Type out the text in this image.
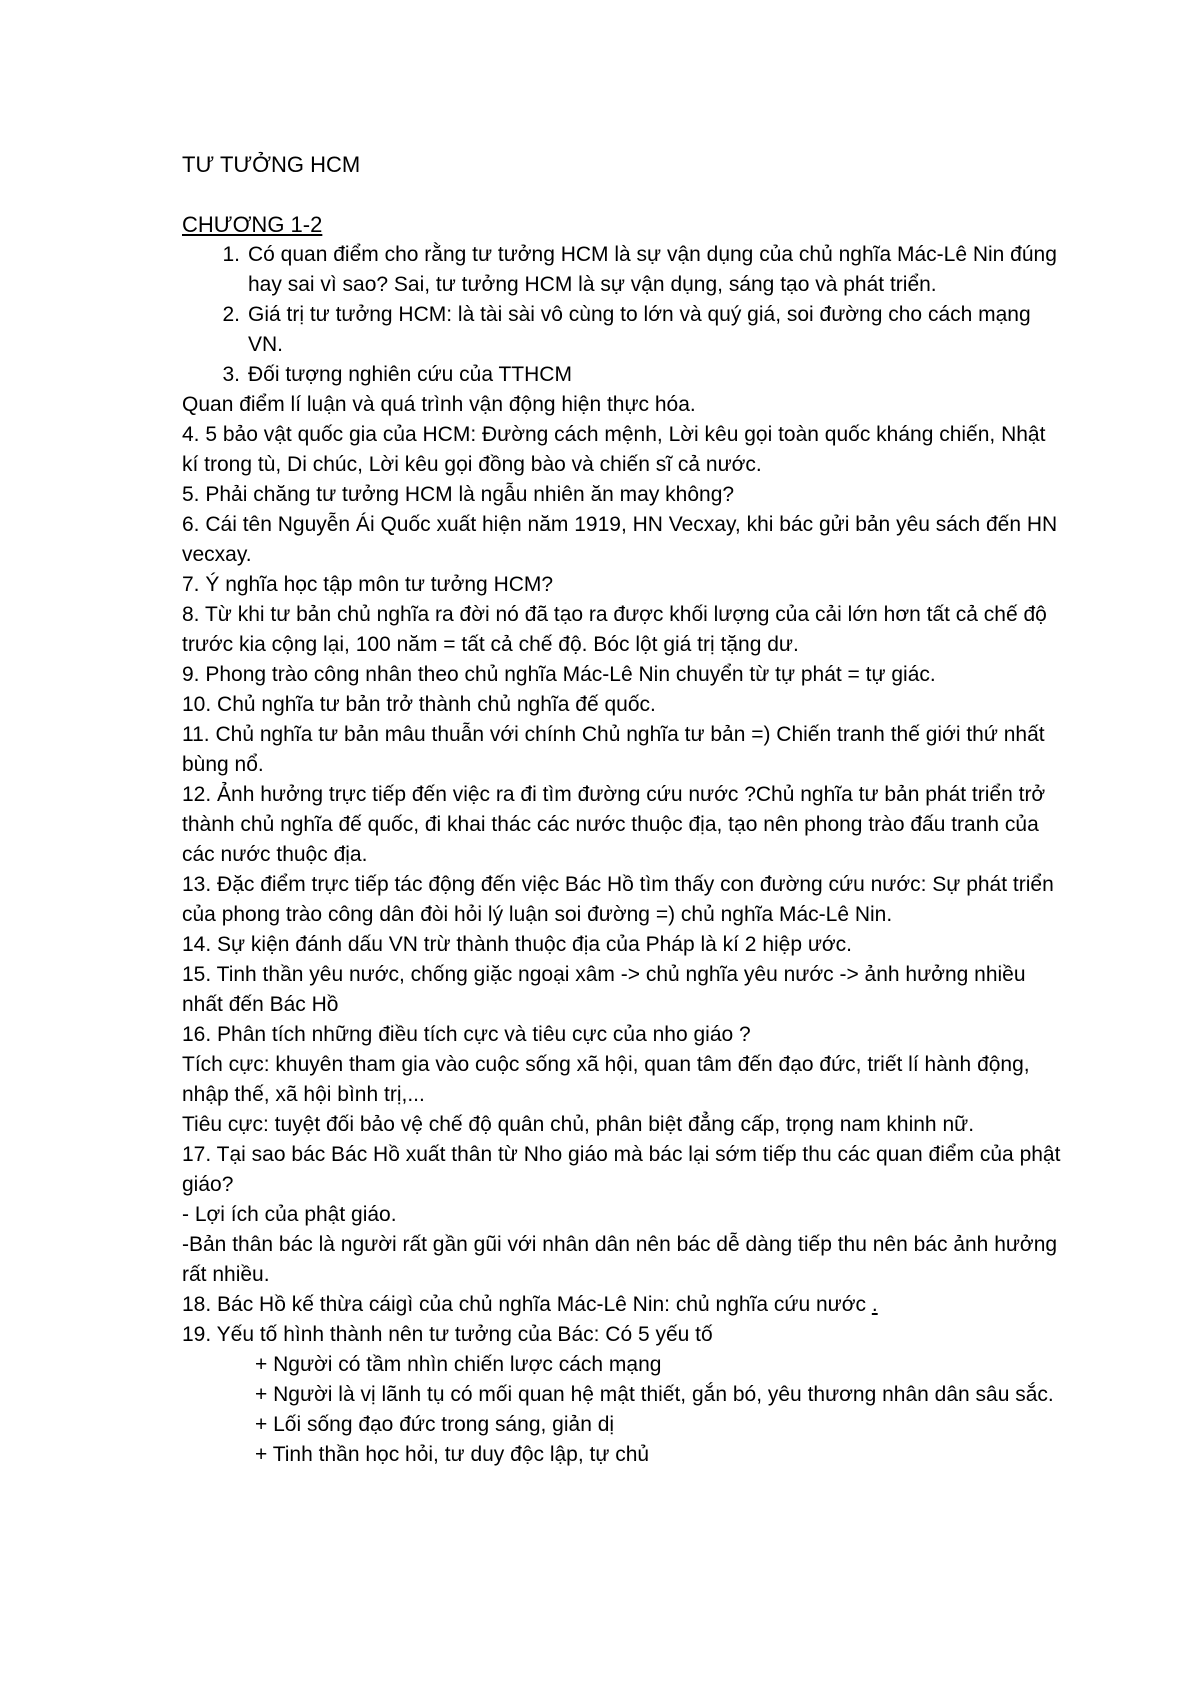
TƯ TƯỞNG HCM

CHƯƠNG 1-2
1. Có quan điểm cho rằng tư tưởng HCM là sự vận dụng của chủ nghĩa Mác-Lê Nin đúng hay sai vì sao? Sai, tư tưởng HCM là sự vận dụng, sáng tạo và phát triển.
2. Giá trị tư tưởng HCM: là tài sài vô cùng to lớn và quý giá, soi đường cho cách mạng VN.
3. Đối tượng nghiên cứu của TTHCM

Quan điểm lí luận và quá trình vận động hiện thực hóa.

4. 5 bảo vật quốc gia của HCM: Đường cách mệnh, Lời kêu gọi toàn quốc kháng chiến, Nhật kí trong tù, Di chúc, Lời kêu gọi đồng bào và chiến sĩ cả nước.

5. Phải chăng tư tưởng HCM là ngẫu nhiên ăn may không?

6. Cái tên Nguyễn Ái Quốc xuất hiện năm 1919, HN Vecxay, khi bác gửi bản yêu sách đến HN vecxay.

7. Ý nghĩa học tập môn tư tưởng HCM?

8. Từ khi tư bản chủ nghĩa ra đời nó đã tạo ra được khối lượng của cải lớn hơn tất cả chế độ trước kia cộng lại, 100 năm = tất cả chế độ. Bóc lột giá trị tặng dư.

9. Phong trào công nhân theo chủ nghĩa Mác-Lê Nin chuyển từ tự phát = tự giác.

10. Chủ nghĩa tư bản trở thành chủ nghĩa đế quốc.

11. Chủ nghĩa tư bản mâu thuẫn với chính Chủ nghĩa tư bản =) Chiến tranh thế giới thứ nhất bùng nổ.

12. Ảnh hưởng trực tiếp đến việc ra đi tìm đường cứu nước ?Chủ nghĩa tư bản phát triển trở thành chủ nghĩa đế quốc, đi khai thác các nước thuộc địa, tạo nên phong trào đấu tranh của các nước thuộc địa.

13. Đặc điểm trực tiếp tác động đến việc Bác Hồ tìm thấy con đường cứu nước: Sự phát triển của phong trào công dân đòi hỏi lý luận soi đường =) chủ nghĩa Mác-Lê Nin.

14. Sự kiện đánh dấu VN trừ thành thuộc địa của Pháp là kí 2 hiệp ước.

15. Tinh thần yêu nước, chống giặc ngoại xâm -> chủ nghĩa yêu nước -> ảnh hưởng nhiều nhất đến Bác Hồ

16. Phân tích những điều tích cực và tiêu cực của nho giáo ?

Tích cực: khuyên tham gia vào cuộc sống xã hội, quan tâm đến đạo đức, triết lí hành động, nhập thế, xã hội bình trị,...

Tiêu cực: tuyệt đối bảo vệ chế độ quân chủ, phân biệt đẳng cấp, trọng nam khinh nữ.

17. Tại sao bác Bác Hồ xuất thân từ Nho giáo mà bác lại sớm tiếp thu các quan điểm của phật giáo?

- Lợi ích của phật giáo.

-Bản thân bác là người rất gần gũi với nhân dân nên bác dễ dàng tiếp thu nên bác ảnh hưởng rất nhiều.

18. Bác Hồ kế thừa cáigì của chủ nghĩa Mác-Lê Nin: chủ nghĩa cứu nước .

19. Yếu tố hình thành nên tư tưởng của Bác: Có 5 yếu tố

+ Người có tầm nhìn chiến lược cách mạng

+ Người là vị lãnh tụ có mối quan hệ mật thiết, gắn bó, yêu thương nhân dân sâu sắc.

+ Lối sống đạo đức trong sáng, giản dị

+ Tinh thần học hỏi, tư duy độc lập, tự chủ
